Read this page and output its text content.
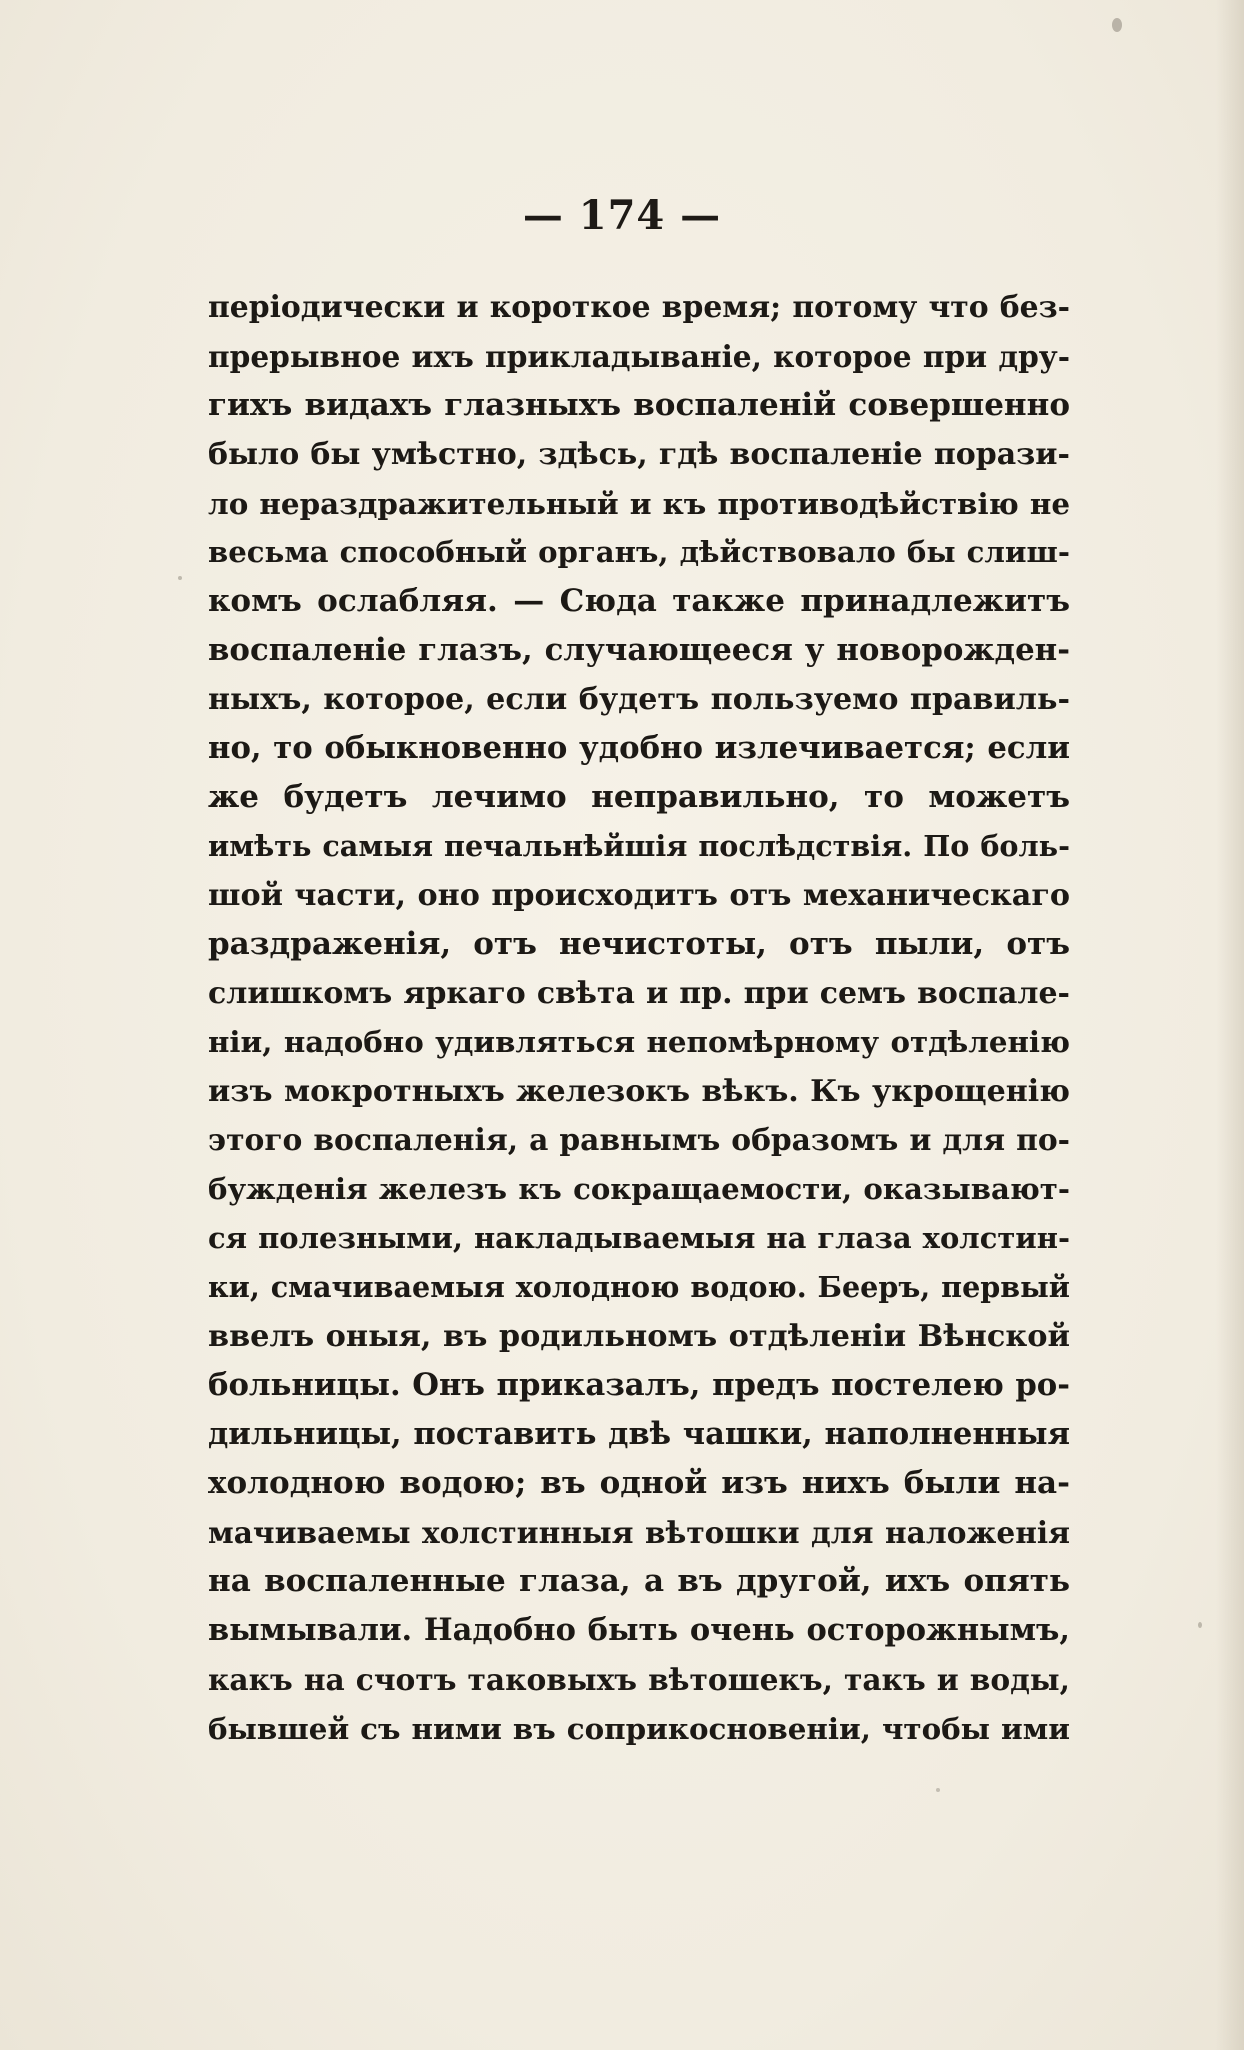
— 174 —
періодически и короткое время; потому что без-
прерывное ихъ прикладываніе, которое при дру-
гихъ видахъ глазныхъ воспаленій совершенно
было бы умѣстно, здѣсь, гдѣ воспаленіе порази-
ло нераздражительный и къ противодѣйствію не
весьма способный органъ, дѣйствовало бы слиш-
комъ ослабляя. — Сюда также принадлежитъ
воспаленіе глазъ, случающееся у новорожден-
ныхъ, которое, если будетъ пользуемо правиль-
но, то обыкновенно удобно излечивается; если
же будетъ лечимо неправильно, то можетъ
имѣть самыя печальнѣйшія послѣдствія. По боль-
шой части, оно происходитъ отъ механическаго
раздраженія, отъ нечистоты, отъ пыли, отъ
слишкомъ яркаго свѣта и пр. при семъ воспале-
ніи, надобно удивляться непомѣрному отдѣленію
изъ мокротныхъ железокъ вѣкъ. Къ укрощенію
этого воспаленія, а равнымъ образомъ и для по-
бужденія железъ къ сокращаемости, оказывают-
ся полезными, накладываемыя на глаза холстин-
ки, смачиваемыя холодною водою. Бееръ, первый
ввелъ оныя, въ родильномъ отдѣленіи Вѣнской
больницы. Онъ приказалъ, предъ постелею ро-
дильницы, поставить двѣ чашки, наполненныя
холодною водою; въ одной изъ нихъ были на-
мачиваемы холстинныя вѣтошки для наложенія
на воспаленные глаза, а въ другой, ихъ опять
вымывали. Надобно быть очень осторожнымъ,
какъ на счотъ таковыхъ вѣтошекъ, такъ и воды,
бывшей съ ними въ соприкосновеніи, чтобы ими
